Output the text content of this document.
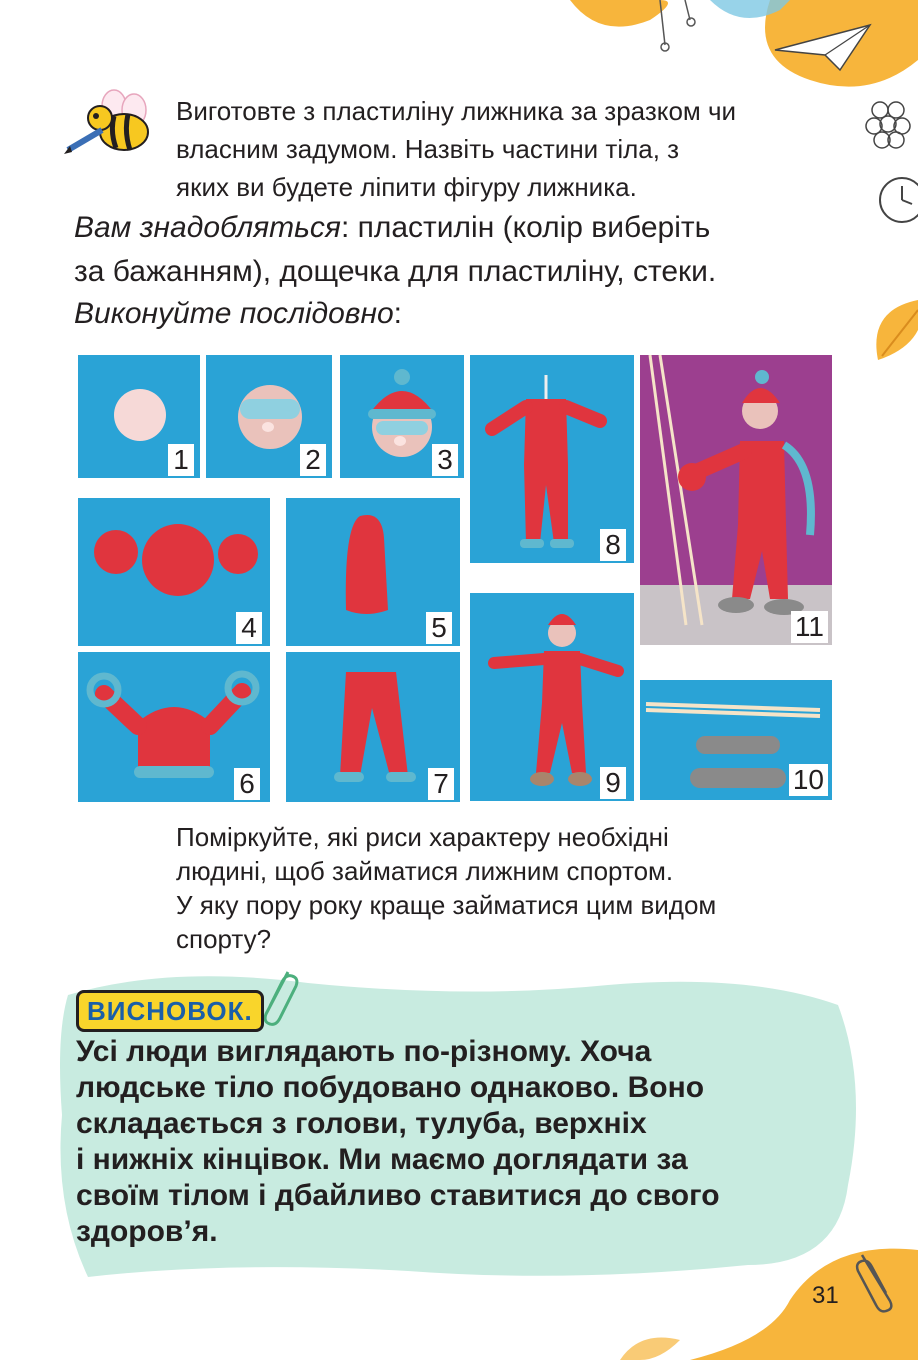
Виготовте з пластиліну лижника за зразком чи
власним задумом. Назвіть частини тіла, з
яких ви будете ліпити фігуру лижника.

Вам знадобляться: пластилін (колір виберіть
за бажанням), дощечка для пластиліну, стеки.

Виконуйте послідовно:

1	2	3
4	5
6	7
8
9	10
11

Поміркуйте, які риси характеру необхідні
людині, щоб займатися лижним спортом.
У яку пору року краще займатися цим видом
спорту?

ВИСНОВОК.

Усі люди виглядають по-різному. Хоча
людське тіло побудовано однаково. Воно
складається з голови, тулуба, верхніх
і нижніх кінцівок. Ми маємо доглядати за
своїм тілом і дбайливо ставитися до свого
здоров’я.

31
